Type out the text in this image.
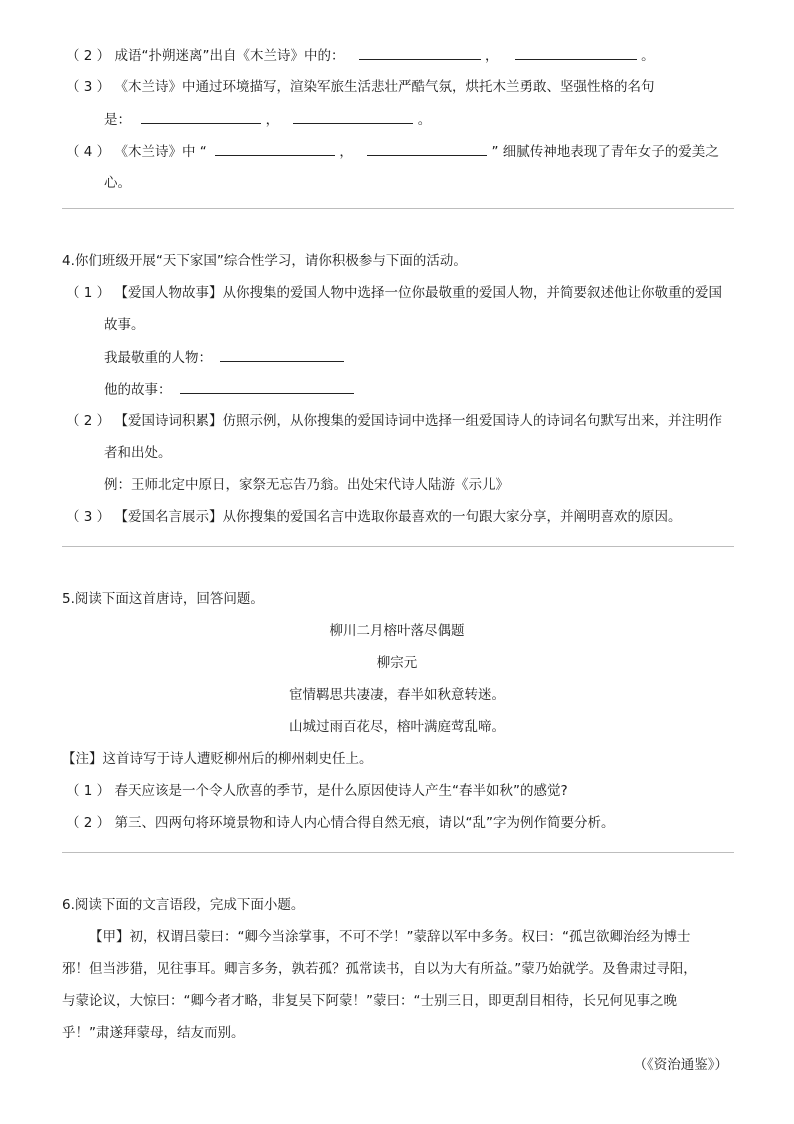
（ 2 ） 成语“扑朔迷离”出自《木兰诗》中的：	，	。
（ 3 ） 《木兰诗》中通过环境描写，渲染军旅生活悲壮严酷气氛，烘托木兰勇敢、坚强性格的名句
是：	，	。
（ 4 ） 《木兰诗》中 “	，	” 细腻传神地表现了青年女子的爱美之
心。
4.你们班级开展“天下家国”综合性学习，请你积极参与下面的活动。
（ 1 ） 【爱国人物故事】从你搜集的爱国人物中选择一位你最敬重的爱国人物，并简要叙述他让你敬重的爱国
故事。
我最敬重的人物：
他的故事：
（ 2 ） 【爱国诗词积累】仿照示例，从你搜集的爱国诗词中选择一组爱国诗人的诗词名句默写出来，并注明作
者和出处。
例：王师北定中原日，家祭无忘告乃翁。出处宋代诗人陆游《示儿》
（ 3 ） 【爱国名言展示】从你搜集的爱国名言中选取你最喜欢的一句跟大家分享，并阐明喜欢的原因。
5.阅读下面这首唐诗，回答问题。
柳川二月榕叶落尽偶题
柳宗元
宦情羁思共凄凄，春半如秋意转迷。
山城过雨百花尽，榕叶满庭莺乱啼。
【注】这首诗写于诗人遭贬柳州后的柳州刺史任上。
（ 1 ） 春天应该是一个令人欣喜的季节，是什么原因使诗人产生“春半如秋”的感觉?
（ 2 ） 第三、四两句将环境景物和诗人内心情合得自然无痕，请以“乱”字为例作简要分析。
6.阅读下面的文言语段，完成下面小题。
【甲】初，权谓吕蒙曰：“卿今当涂掌事，不可不学！”蒙辞以军中多务。权曰：“孤岂欲卿治经为博士
邪！但当涉猎，见往事耳。卿言多务，孰若孤？孤常读书，自以为大有所益。”蒙乃始就学。及鲁肃过寻阳，
与蒙论议，大惊曰：“卿今者才略，非复吴下阿蒙！”蒙曰：“士别三日，即更刮目相待，长兄何见事之晚
乎！”肃遂拜蒙母，结友而别。
（《资治通鉴》）
